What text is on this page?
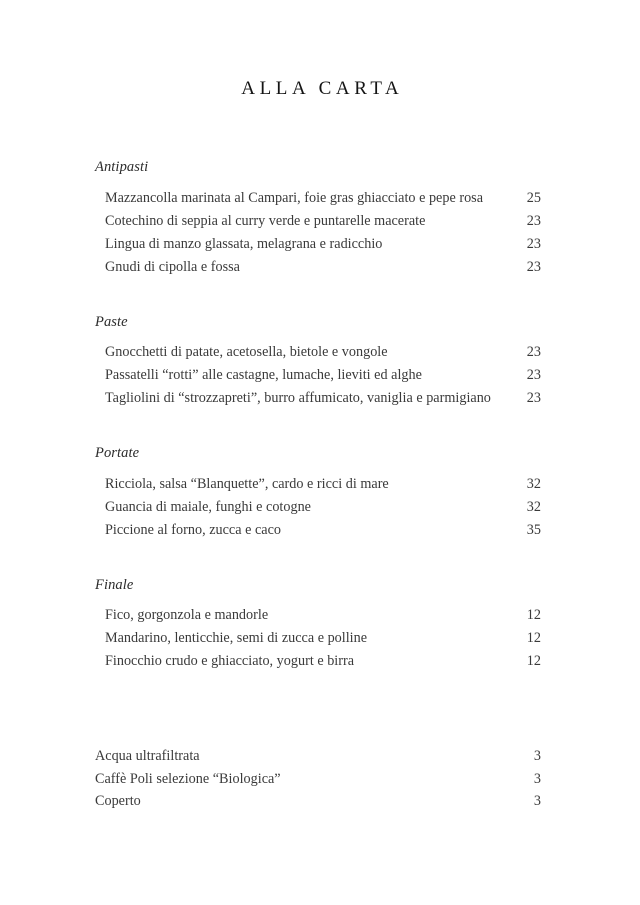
ALLA CARTA
Antipasti
Mazzancolla marinata al Campari, foie gras ghiacciato e pepe rosa	25
Cotechino di seppia al curry verde e puntarelle macerate	23
Lingua di manzo glassata, melagrana e radicchio	23
Gnudi di cipolla e fossa	23
Paste
Gnocchetti di patate, acetosella, bietole e vongole	23
Passatelli “rotti” alle castagne, lumache, lieviti ed alghe	23
Tagliolini di “strozzapreti”, burro affumicato, vaniglia e parmigiano	23
Portate
Ricciola, salsa “Blanquette”, cardo e ricci di mare	32
Guancia di maiale, funghi e cotogne	32
Piccione al forno, zucca e caco	35
Finale
Fico, gorgonzola e mandorle	12
Mandarino, lenticchie, semi di zucca e polline	12
Finocchio crudo e ghiacciato, yogurt e birra	12
Acqua ultrafiltrata	3
Caffè Poli selezione “Biologica”	3
Coperto	3
